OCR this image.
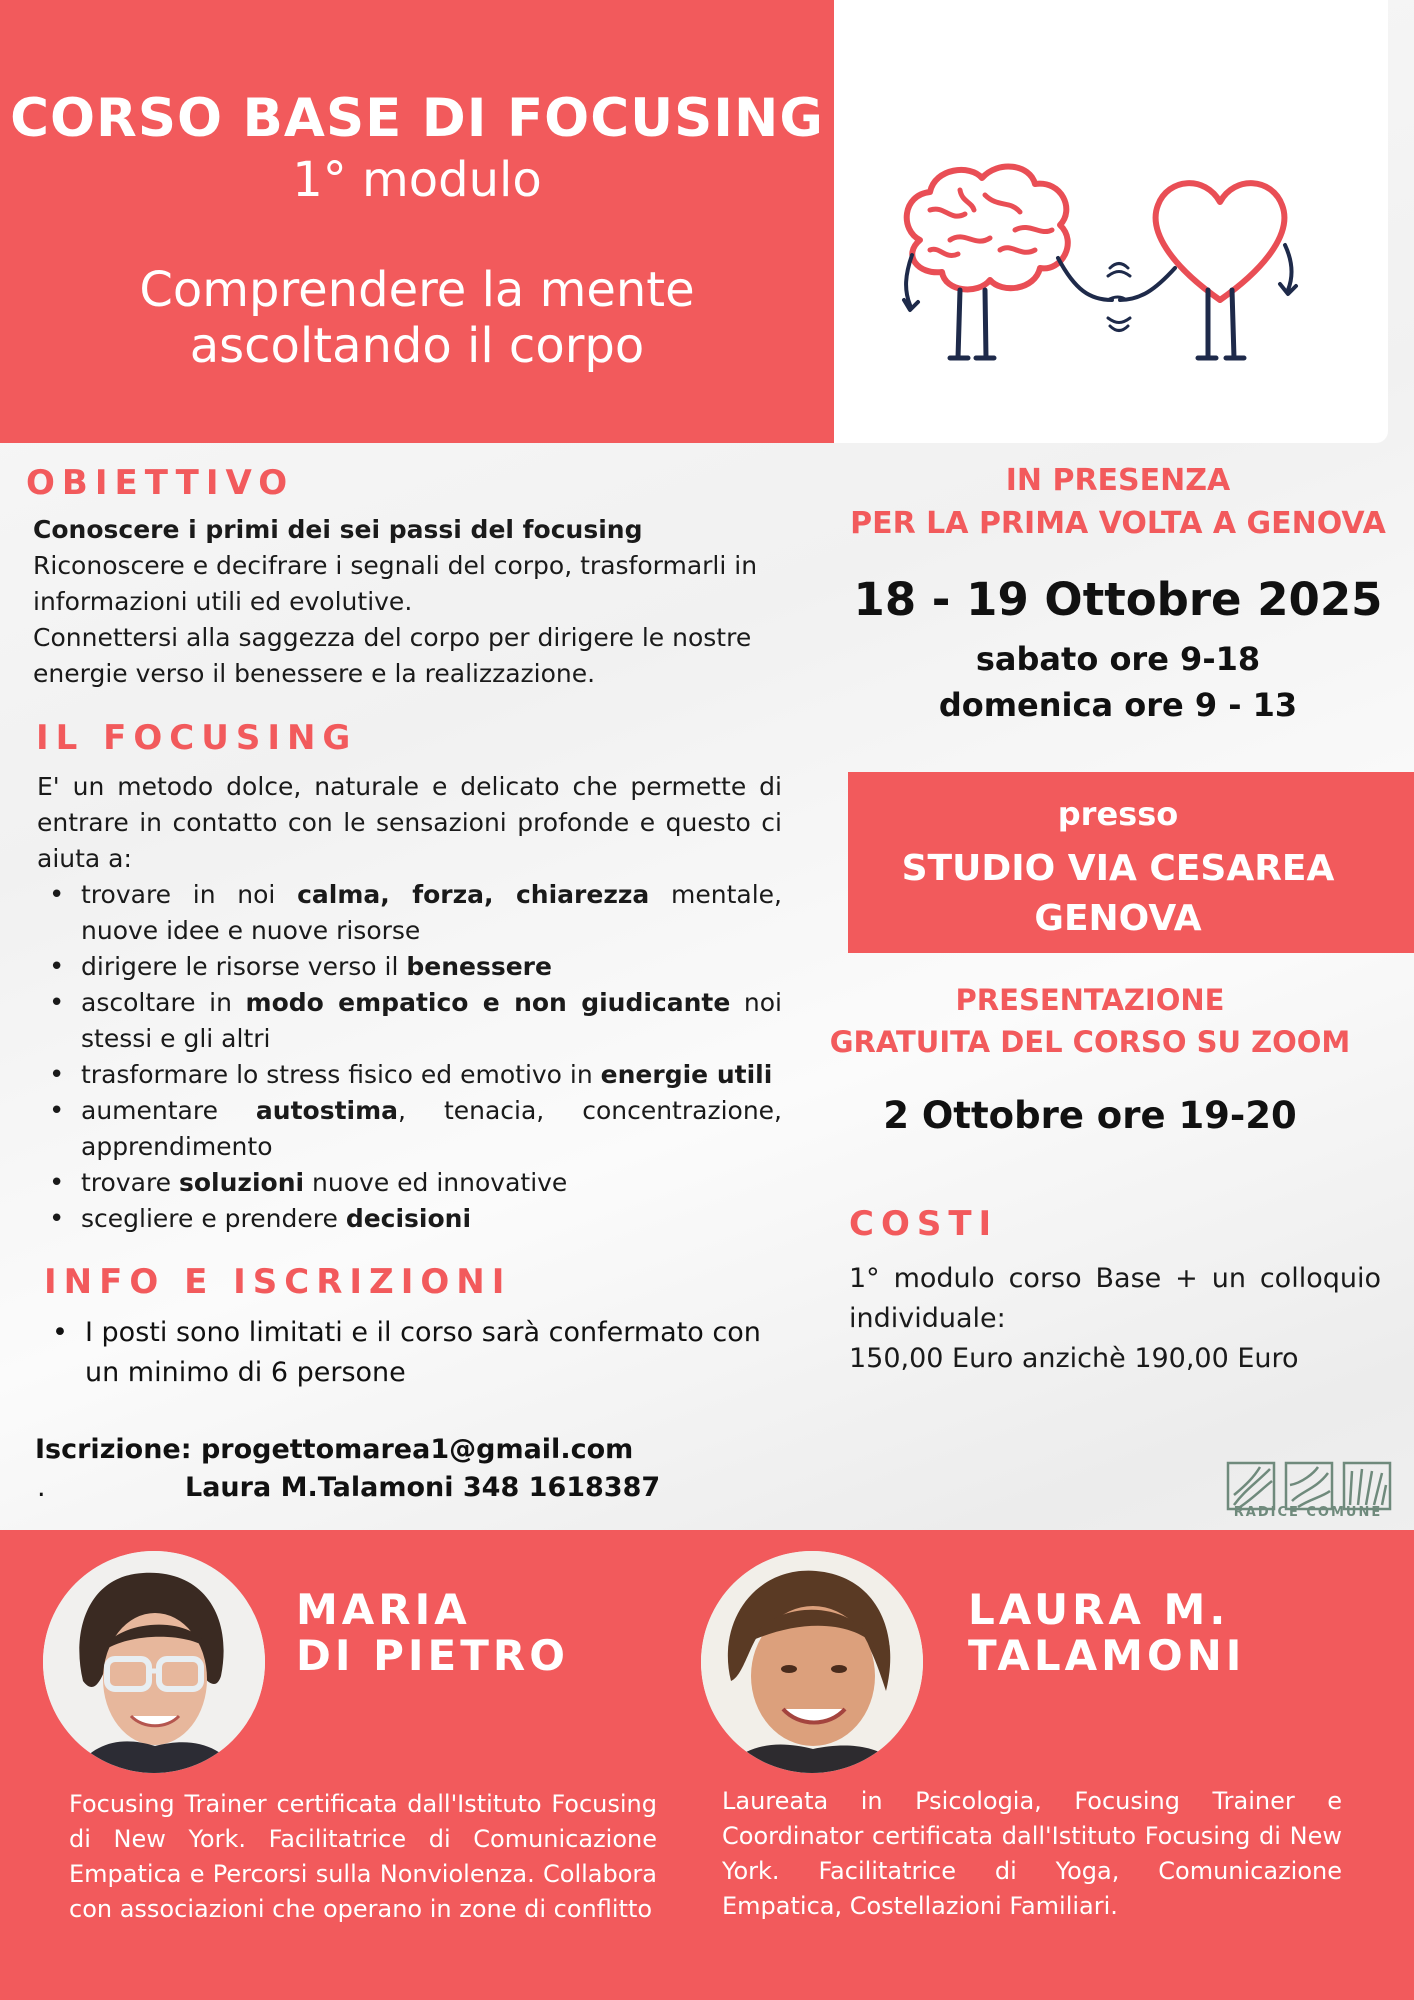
CORSO BASE DI FOCUSING
1° modulo
Comprendere la mente
ascoltando il corpo
OBIETTIVO

Conoscere i primi dei sei passi del focusing

Riconoscere e decifrare i segnali del corpo, trasformarli in informazioni utili ed evolutive.

Connettersi alla saggezza del corpo per dirigere le nostre energie verso il benessere e la realizzazione.

IL FOCUSING
E' un metodo dolce, naturale e delicato che permette di entrare in contatto con le sensazioni profonde e questo ci aiuta a:
• trovare in noi calma, forza, chiarezza mentale, nuove idee e nuove risorse
• dirigere le risorse verso il benessere
• ascoltare in modo empatico e non giudicante noi stessi e gli altri
• trasformare lo stress fisico ed emotivo in energie utili
• aumentare autostima, tenacia, concentrazione, apprendimento
• trovare soluzioni nuove ed innovative
• scegliere e prendere decisioni
INFO E ISCRIZIONI
• I posti sono limitati e il corso sarà confermato con un minimo di 6 persone
Iscrizione: progettomarea1@gmail.com
.	Laura M.Talamoni 348 1618387
IN PRESENZA
PER LA PRIMA VOLTA A GENOVA
18 - 19 Ottobre 2025
sabato ore 9-18
domenica ore 9 - 13
presso
STUDIO VIA CESAREA
GENOVA
PRESENTAZIONE
GRATUITA DEL CORSO SU ZOOM
2 Ottobre ore 19-20
COSTI
1° modulo corso Base + un colloquio
individuale:
150,00 Euro anzichè 190,00 Euro
RADICE COMUNE
MARIA
DI PIETRO
LAURA M.
TALAMONI
Focusing Trainer certificata dall'Istituto Focusing di New York. Facilitatrice di Comunicazione Empatica e Percorsi sulla Nonviolenza. Collabora con associazioni che operano in zone di conflitto
Laureata in Psicologia, Focusing Trainer e Coordinator certificata dall'Istituto Focusing di New York. Facilitatrice di Yoga, Comunicazione Empatica, Costellazioni Familiari.
